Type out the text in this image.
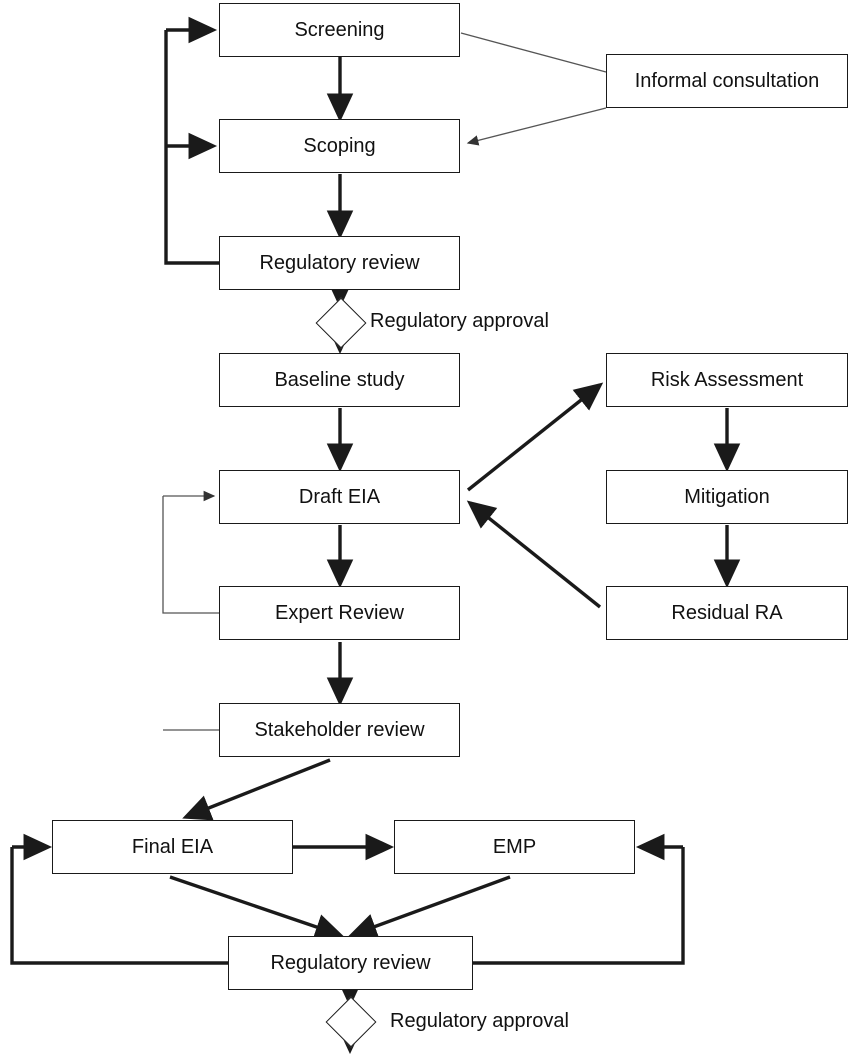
Screening
Informal consultation
Scoping
Regulatory review
Regulatory approval
Baseline study	Risk Assessment
Draft EIA	Mitigation
Expert Review	Residual RA
Stakeholder review
Final EIA	EMP
Regulatory review
Regulatory approval
